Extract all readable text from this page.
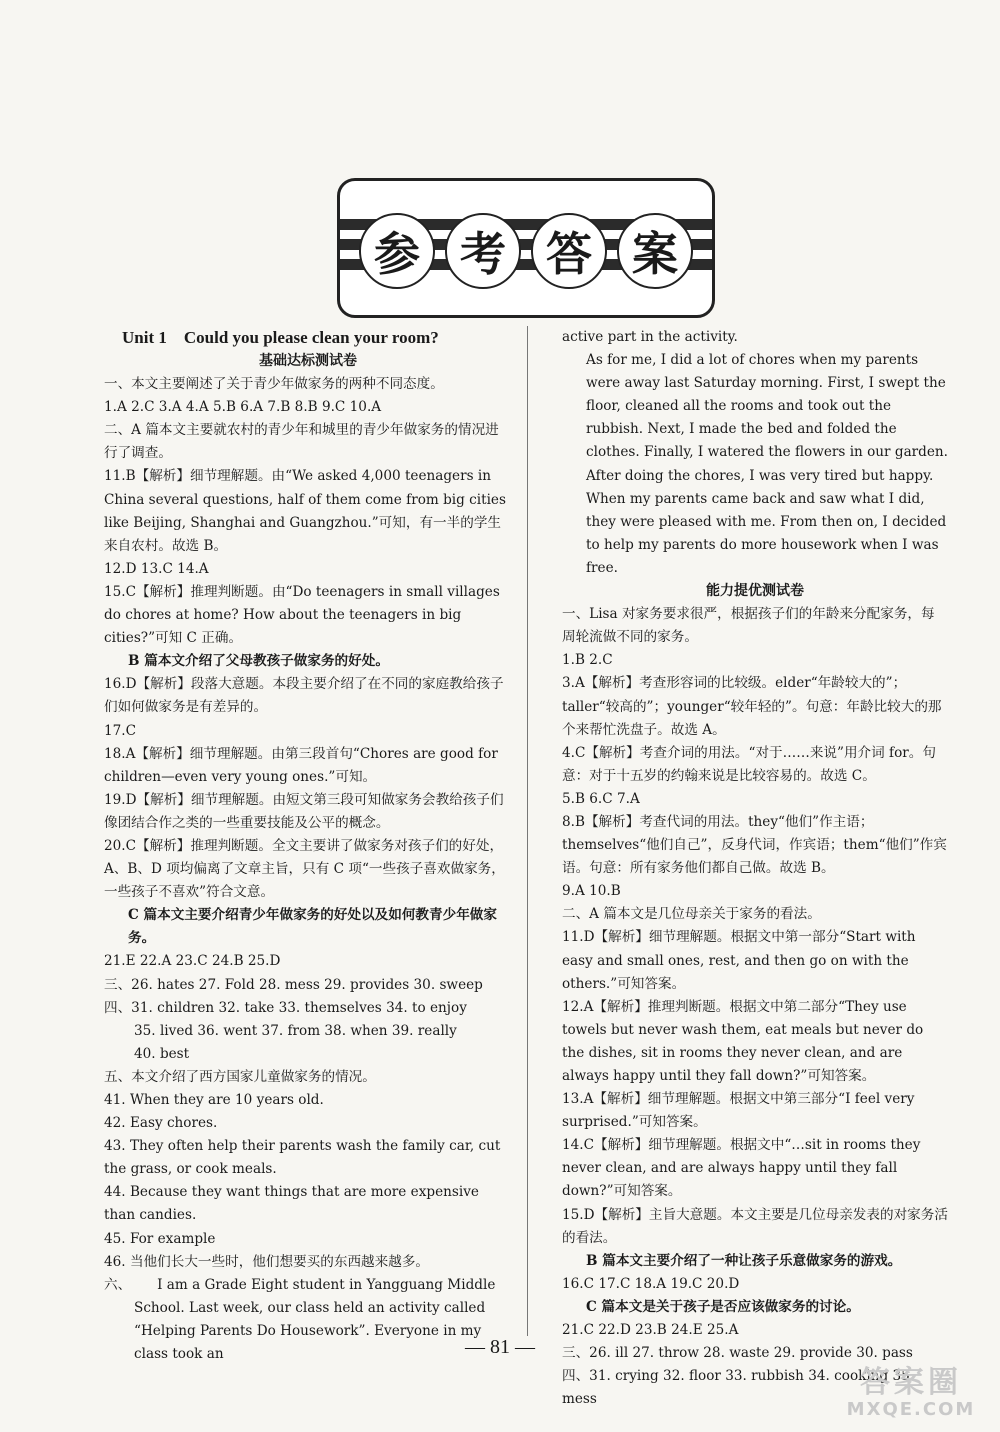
参 考 答 案

Unit 1    Could you please clean your room?

基础达标测试卷

一、本文主要阐述了关于青少年做家务的两种不同态度。

1.A 2.C 3.A 4.A 5.B 6.A 7.B 8.B 9.C 10.A

二、A 篇本文主要就农村的青少年和城里的青少年做家务的情况进行了调查。

11.B【解析】细节理解题。由“We asked 4,000 teenagers in China several questions, half of them come from big cities like Beijing, Shanghai and Guangzhou.”可知，有一半的学生来自农村。故选 B。

12.D 13.C 14.A

15.C【解析】推理判断题。由“Do teenagers in small villages do chores at home? How about the teenagers in big cities?”可知 C 正确。

B 篇本文介绍了父母教孩子做家务的好处。

16.D【解析】段落大意题。本段主要介绍了在不同的家庭教给孩子们如何做家务是有差异的。

17.C

18.A【解析】细节理解题。由第三段首句“Chores are good for children—even very young ones.”可知。

19.D【解析】细节理解题。由短文第三段可知做家务会教给孩子们像团结合作之类的一些重要技能及公平的概念。

20.C【解析】推理判断题。全文主要讲了做家务对孩子们的好处，A、B、D 项均偏离了文章主旨，只有 C 项“一些孩子喜欢做家务，一些孩子不喜欢”符合文意。

C 篇本文主要介绍青少年做家务的好处以及如何教青少年做家务。

21.E 22.A 23.C 24.B 25.D

三、26. hates 27. Fold 28. mess 29. provides 30. sweep

四、31. children 32. take 33. themselves 34. to enjoy

35. lived 36. went 37. from 38. when 39. really

40. best

五、本文介绍了西方国家儿童做家务的情况。

41. When they are 10 years old.

42. Easy chores.

43. They often help their parents wash the family car, cut the grass, or cook meals.

44. Because they want things that are more expensive than candies.

45. For example

46. 当他们长大一些时，他们想要买的东西越来越多。

六、      I am a Grade Eight student in Yangguang Middle

School. Last week, our class held an activity called “Helping Parents Do Housework”. Everyone in my class took an

active part in the activity.

As for me, I did a lot of chores when my parents were away last Saturday morning. First, I swept the floor, cleaned all the rooms and took out the rubbish. Next, I made the bed and folded the clothes. Finally, I watered the flowers in our garden. After doing the chores, I was very tired but happy. When my parents came back and saw what I did, they were pleased with me. From then on, I decided to help my parents do more housework when I was free.

能力提优测试卷

一、Lisa 对家务要求很严，根据孩子们的年龄来分配家务，每周轮流做不同的家务。

1.B 2.C

3.A【解析】考查形容词的比较级。elder“年龄较大的”；taller“较高的”；younger“较年轻的”。句意：年龄比较大的那个来帮忙洗盘子。故选 A。

4.C【解析】考查介词的用法。“对于……来说”用介词 for。句意：对于十五岁的约翰来说是比较容易的。故选 C。

5.B 6.C 7.A

8.B【解析】考查代词的用法。they“他们”作主语；themselves“他们自己”，反身代词，作宾语；them“他们”作宾语。句意：所有家务他们都自己做。故选 B。

9.A 10.B

二、A 篇本文是几位母亲关于家务的看法。

11.D【解析】细节理解题。根据文中第一部分“Start with easy and small ones, rest, and then go on with the others.”可知答案。

12.A【解析】推理判断题。根据文中第二部分“They use towels but never wash them, eat meals but never do the dishes, sit in rooms they never clean, and are always happy until they fall down?”可知答案。

13.A【解析】细节理解题。根据文中第三部分“I feel very surprised.”可知答案。

14.C【解析】细节理解题。根据文中“…sit in rooms they never clean, and are always happy until they fall down?”可知答案。

15.D【解析】主旨大意题。本文主要是几位母亲发表的对家务活的看法。

B 篇本文主要介绍了一种让孩子乐意做家务的游戏。

16.C 17.C 18.A 19.C 20.D

C 篇本文是关于孩子是否应该做家务的讨论。

21.C 22.D 23.B 24.E 25.A

三、26. ill 27. throw 28. waste 29. provide 30. pass

四、31. crying 32. floor 33. rubbish 34. cooking 35. mess

— 81 —
答案圈
MXQE.COM
